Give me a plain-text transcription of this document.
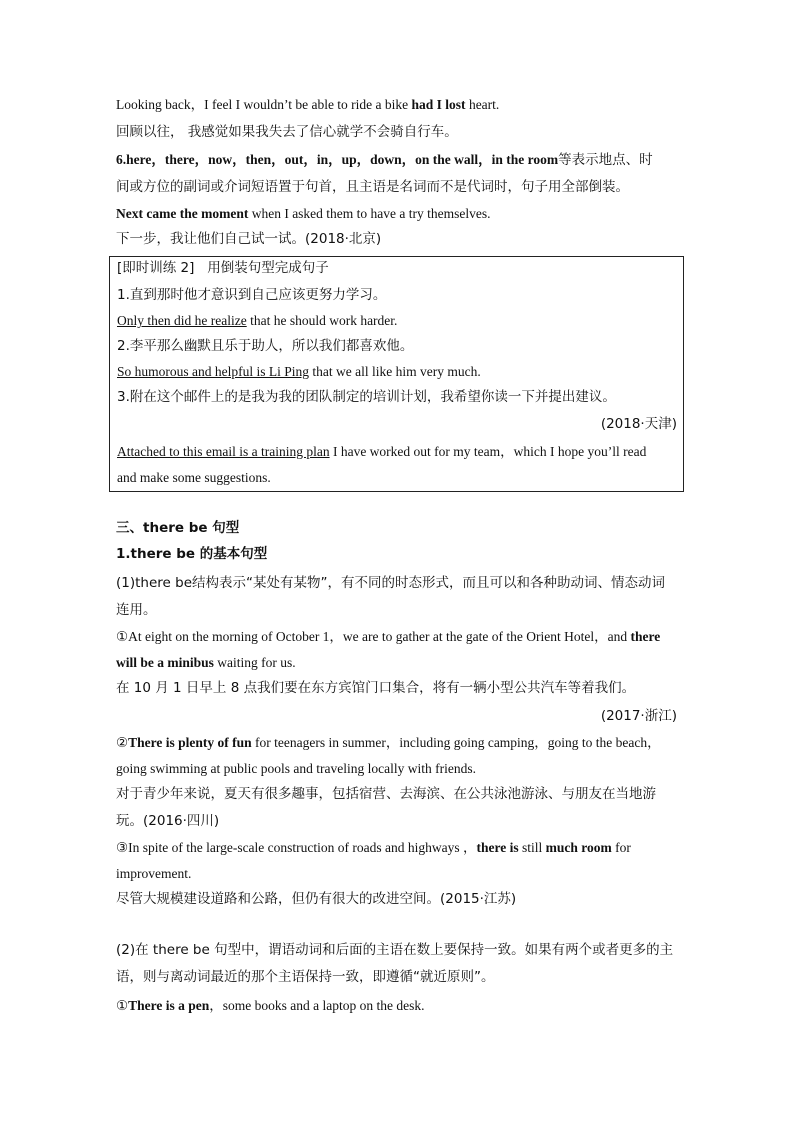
Looking back，I feel I wouldn’t be able to ride a bike had I lost heart.
回顾以往， 我感觉如果我失去了信心就学不会骑自行车。
6.here，there，now，then，out，in，up，down，on the wall，in the room等表示地点、时
间或方位的副词或介词短语置于句首，且主语是名词而不是代词时，句子用全部倒装。
Next came the moment when I asked them to have a try themselves.
下一步，我让他们自己试一试。(2018·北京)
[即时训练 2] 用倒装句型完成句子
1.直到那时他才意识到自己应该更努力学习。
Only then did he realize that he should work harder.
2.李平那么幽默且乐于助人，所以我们都喜欢他。
So humorous and helpful is Li Ping that we all like him very much.
3.附在这个邮件上的是我为我的团队制定的培训计划，我希望你读一下并提出建议。
(2018·天津)
Attached to this email is a training plan I have worked out for my team，which I hope you’ll read
and make some suggestions.
三、there be 句型
1.there be 的基本句型
(1)there be结构表示“某处有某物”，有不同的时态形式，而且可以和各种助动词、情态动词
连用。
①At eight on the morning of October 1，we are to gather at the gate of the Orient Hotel，and there
will be a minibus waiting for us.
在 10 月 1 日早上 8 点我们要在东方宾馆门口集合，将有一辆小型公共汽车等着我们。
(2017·浙江)
②There is plenty of fun for teenagers in summer，including going camping，going to the beach，
going swimming at public pools and traveling locally with friends.
对于青少年来说，夏天有很多趣事，包括宿营、去海滨、在公共泳池游泳、与朋友在当地游
玩。(2016·四川)
③In spite of the large-scale construction of roads and highways ，there is still much room for
improvement.
尽管大规模建设道路和公路，但仍有很大的改进空间。(2015·江苏)
(2)在 there be 句型中，谓语动词和后面的主语在数上要保持一致。如果有两个或者更多的主
语，则与离动词最近的那个主语保持一致，即遵循“就近原则”。
①There is a pen，some books and a laptop on the desk.
